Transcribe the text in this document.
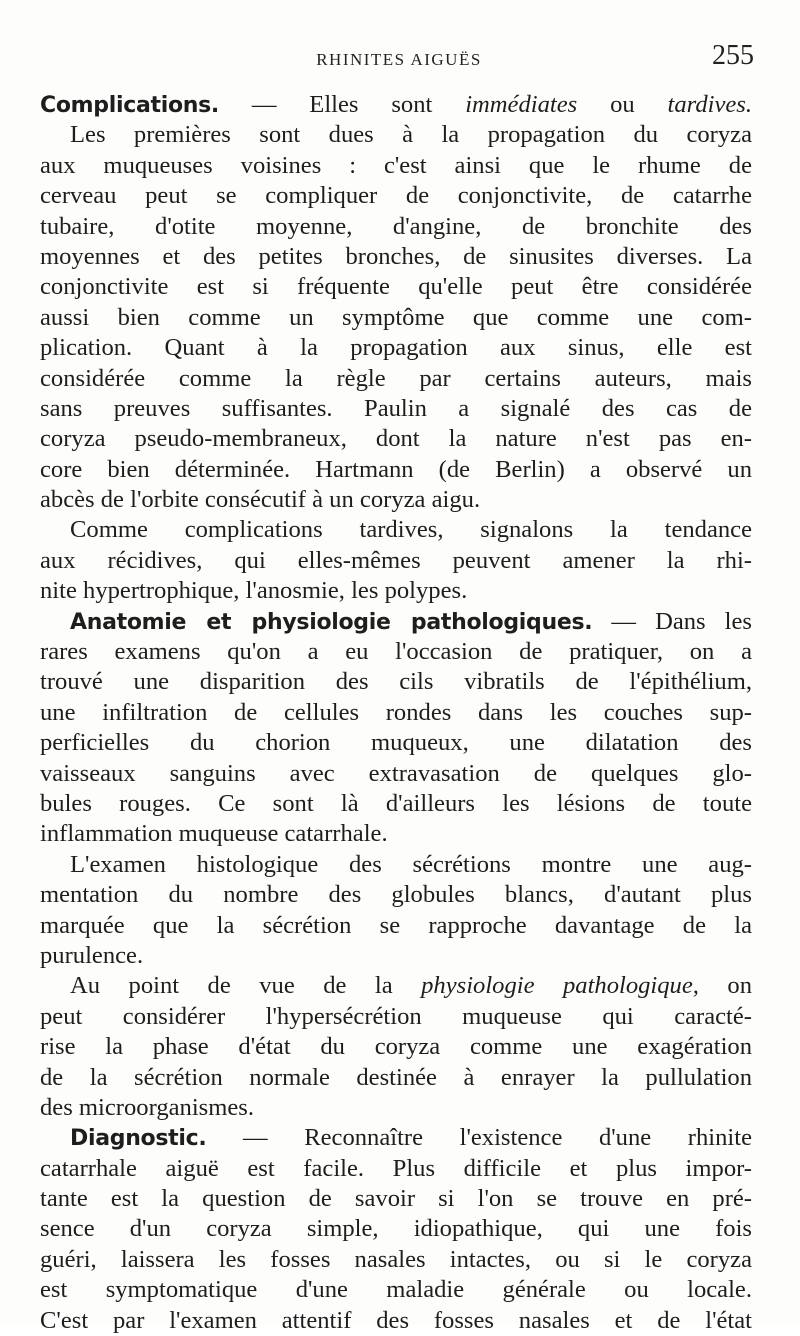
RHINITES AIGUËS	255
Complications. — Elles sont immédiates ou tardives.
Les premières sont dues à la propagation du coryza
aux muqueuses voisines : c'est ainsi que le rhume de
cerveau peut se compliquer de conjonctivite, de catarrhe
tubaire, d'otite moyenne, d'angine, de bronchite des
moyennes et des petites bronches, de sinusites diverses. La
conjonctivite est si fréquente qu'elle peut être considérée
aussi bien comme un symptôme que comme une com-
plication. Quant à la propagation aux sinus, elle est
considérée comme la règle par certains auteurs, mais
sans preuves suffisantes. Paulin a signalé des cas de
coryza pseudo-membraneux, dont la nature n'est pas en-
core bien déterminée. Hartmann (de Berlin) a observé un
abcès de l'orbite consécutif à un coryza aigu.
Comme complications tardives, signalons la tendance
aux récidives, qui elles-mêmes peuvent amener la rhi-
nite hypertrophique, l'anosmie, les polypes.
Anatomie et physiologie pathologiques. — Dans les
rares examens qu'on a eu l'occasion de pratiquer, on a
trouvé une disparition des cils vibratils de l'épithélium,
une infiltration de cellules rondes dans les couches sup-
perficielles du chorion muqueux, une dilatation des
vaisseaux sanguins avec extravasation de quelques glo-
bules rouges. Ce sont là d'ailleurs les lésions de toute
inflammation muqueuse catarrhale.
L'examen histologique des sécrétions montre une aug-
mentation du nombre des globules blancs, d'autant plus
marquée que la sécrétion se rapproche davantage de la
purulence.
Au point de vue de la physiologie pathologique, on
peut considérer l'hypersécrétion muqueuse qui caracté-
rise la phase d'état du coryza comme une exagération
de la sécrétion normale destinée à enrayer la pullulation
des microorganismes.
Diagnostic. — Reconnaître l'existence d'une rhinite
catarrhale aiguë est facile. Plus difficile et plus impor-
tante est la question de savoir si l'on se trouve en pré-
sence d'un coryza simple, idiopathique, qui une fois
guéri, laissera les fosses nasales intactes, ou si le coryza
est symptomatique d'une maladie générale ou locale.
C'est par l'examen attentif des fosses nasales et de l'état
